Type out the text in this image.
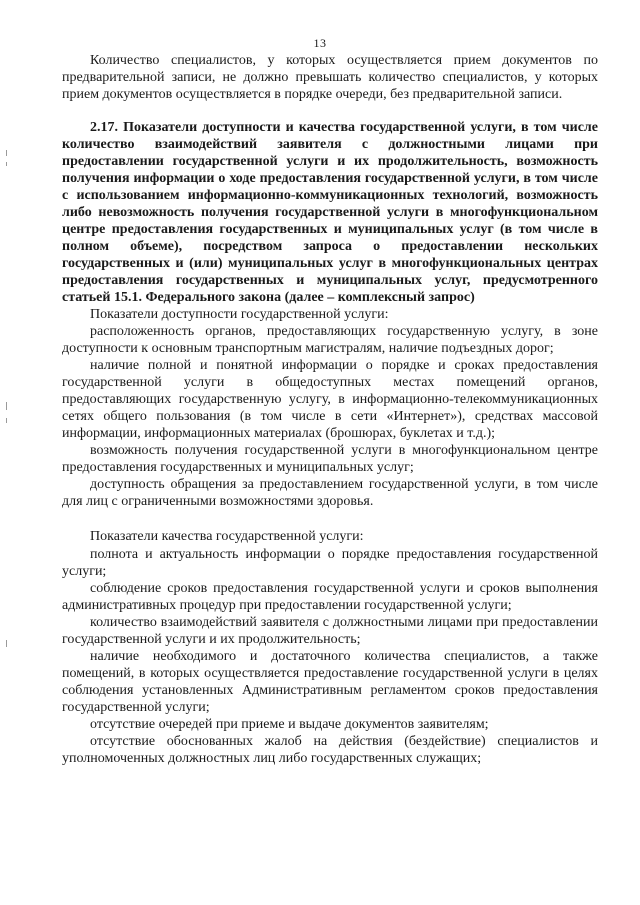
13

Количество специалистов, у которых осуществляется прием документов по предварительной записи, не должно превышать количество специалистов, у которых прием документов осуществляется в порядке очереди, без предварительной записи.

2.17. Показатели доступности и качества государственной услуги, в том числе количество взаимодействий заявителя с должностными лицами при предоставлении государственной услуги и их продолжительность, возможность получения информации о ходе предоставления государственной услуги, в том числе с использованием информационно-коммуникационных технологий, возможность либо невозможность получения государственной услуги в многофункциональном центре предоставления государственных и муниципальных услуг (в том числе в полном объеме), посредством запроса о предоставлении нескольких государственных и (или) муниципальных услуг в многофункциональных центрах предоставления государственных и муниципальных услуг, предусмотренного статьей 15.1. Федерального закона (далее – комплексный запрос)

Показатели доступности государственной услуги:

расположенность органов, предоставляющих государственную услугу, в зоне доступности к основным транспортным магистралям, наличие подъездных дорог;

наличие полной и понятной информации о порядке и сроках предоставления государственной услуги в общедоступных местах помещений органов, предоставляющих государственную услугу, в информационно-телекоммуникационных сетях общего пользования (в том числе в сети «Интернет»), средствах массовой информации, информационных материалах (брошюрах, буклетах и т.д.);

возможность получения государственной услуги в многофункциональном центре предоставления государственных и муниципальных услуг;

доступность обращения за предоставлением государственной услуги, в том числе для лиц с ограниченными возможностями здоровья.

Показатели качества государственной услуги:

полнота и актуальность информации о порядке предоставления государственной услуги;

соблюдение сроков предоставления государственной услуги и сроков выполнения административных процедур при предоставлении государственной услуги;

количество взаимодействий заявителя с должностными лицами при предоставлении государственной услуги и их продолжительность;

наличие необходимого и достаточного количества специалистов, а также помещений, в которых осуществляется предоставление государственной услуги в целях соблюдения установленных Административным регламентом сроков предоставления государственной услуги;

отсутствие очередей при приеме и выдаче документов заявителям;

отсутствие обоснованных жалоб на действия (бездействие) специалистов и уполномоченных должностных лиц либо государственных служащих;
